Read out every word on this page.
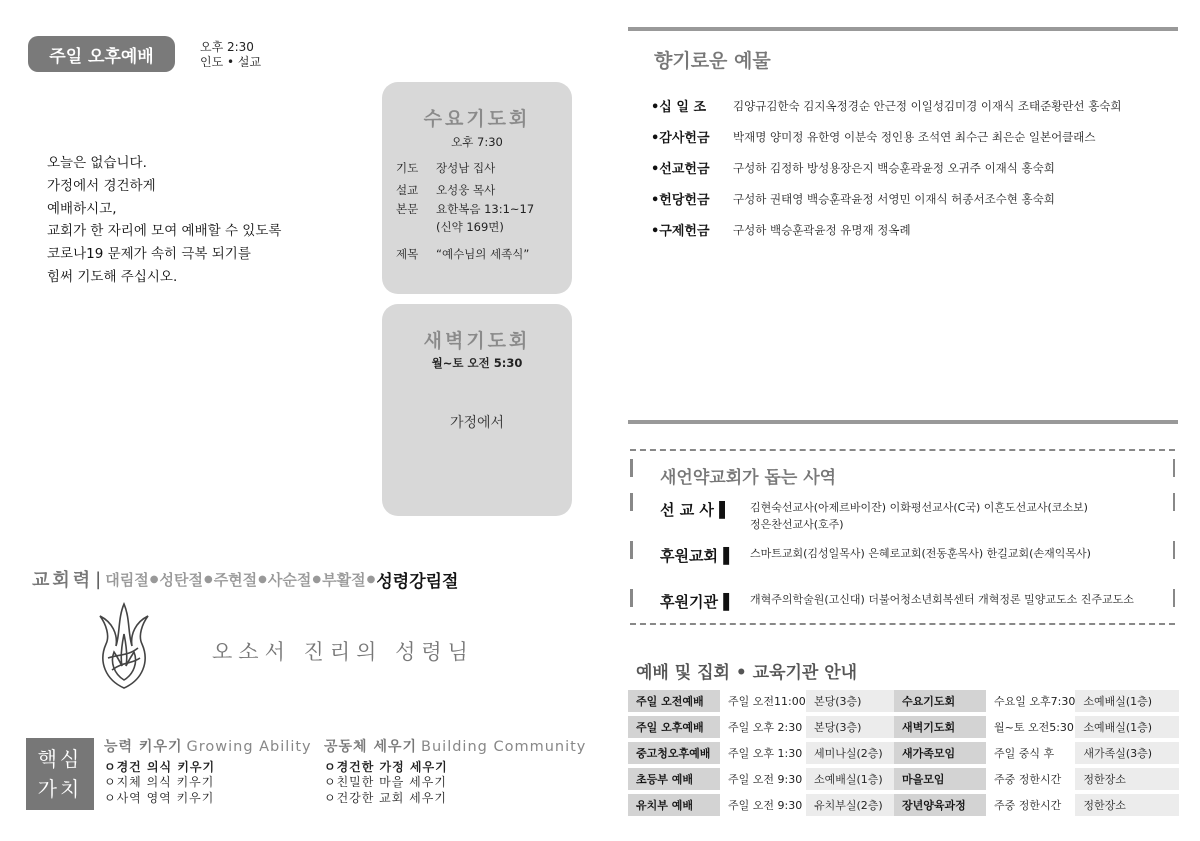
주일 오후예배	오후 2:30
인도 • 설교
오늘은 없습니다.
가정에서 경건하게
예배하시고,
교회가 한 자리에 모여 예배할 수 있도록
코로나19 문제가 속히 극복 되기를
힘써 기도해 주십시오.
수요기도회
오후 7:30
기도	장성남 집사
설교	오성웅 목사
본문	요한복음 13:1~17
(신약 169면)
제목	“예수님의 세족식”
새벽기도회
월~토 오전 5:30
가정에서
교회력 | 대림절 ● 성탄절 ● 주현절 ● 사순절 ● 부활절 ● 성령강림절
오소서 진리의 성령님
핵심
가치
능력 키우기 Growing Ability
ㅇ경건 의식 키우기
ㅇ지체 의식 키우기
ㅇ사역 영역 키우기
공동체 세우기 Building Community
ㅇ경건한 가정 세우기
ㅇ친밀한 마을 세우기
ㅇ건강한 교회 세우기
향기로운 예물
•십 일 조	김양규김한숙 김지옥정경순 안근정 이일성김미경 이재식 조태준황란선 홍숙희
•감사헌금	박재명 양미정 유한영 이분숙 정인용 조석연 최수근 최은순 일본어클래스
•선교헌금	구성하 김정하 방성용장은지 백승훈곽윤정 오귀주 이재식 홍숙희
•헌당헌금	구성하 권태영 백승훈곽윤정 서영민 이재식 허종서조수현 홍숙희
•구제헌금	구성하 백승훈곽윤정 유명재 정옥례
새언약교회가 돕는 사역
선 교 사 ▌	김현숙선교사(아제르바이잔) 이화평선교사(C국) 이흔도선교사(코소보)
정은찬선교사(호주)
후원교회 ▌	스마트교회(김성일목사) 은혜로교회(전동훈목사) 한길교회(손재익목사)
후원기관 ▌	개혁주의학술원(고신대) 더불어청소년회복센터 개혁정론 밀양교도소 진주교도소
예배 및 집회 • 교육기관 안내
주일 오전예배	주일 오전11:00	본당(3층)	수요기도회	수요일 오후7:30	소예배실(1층)
주일 오후예배	주일 오후 2:30	본당(3층)	새벽기도회	월~토 오전5:30	소예배실(1층)
중고청오후예배	주일 오후 1:30	세미나실(2층)	새가족모임	주일 중식 후	새가족실(3층)
초등부 예배	주일 오전 9:30	소예배실(1층)	마을모임	주중 정한시간	정한장소
유치부 예배	주일 오전 9:30	유치부실(2층)	장년양육과정	주중 정한시간	정한장소
